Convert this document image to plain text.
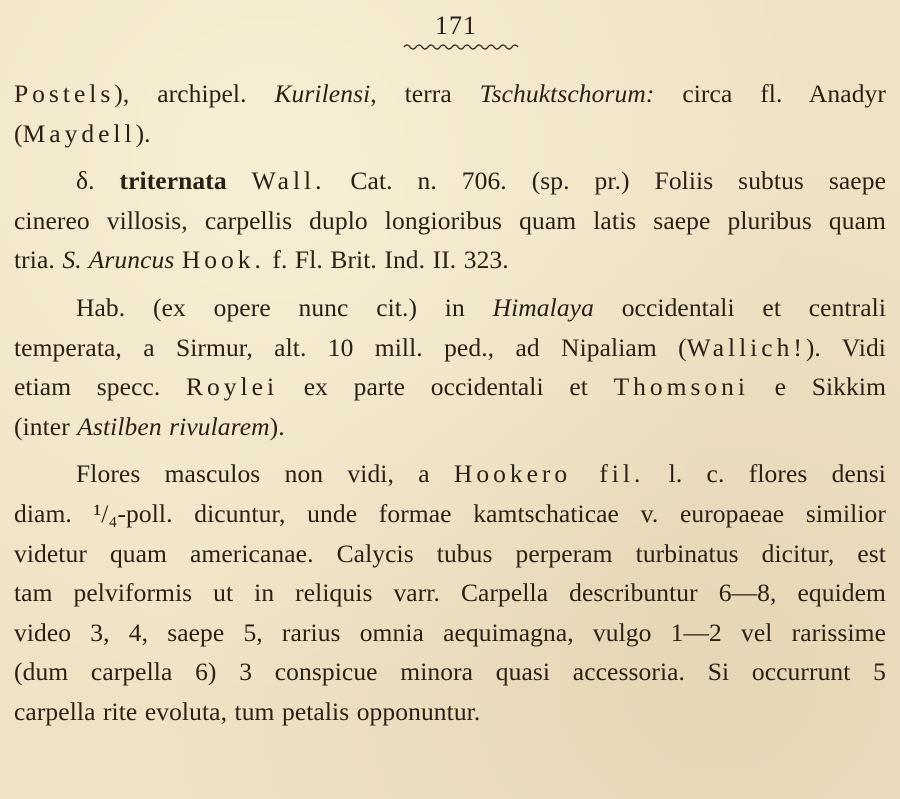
171
Postels), archipel. Kurilensi, terra Tschuktschorum: circa fl. Anadyr
(Maydell).
δ. triternata Wall. Cat. n. 706. (sp. pr.) Foliis subtus saepe
cinereo villosis, carpellis duplo longioribus quam latis saepe pluribus quam
tria. S. Aruncus Hook. f. Fl. Brit. Ind. II. 323.
Hab. (ex opere nunc cit.) in Himalaya occidentali et centrali
temperata, a Sirmur, alt. 10 mill. ped., ad Nipaliam (Wallich!). Vidi
etiam specc. Roylei ex parte occidentali et Thomsoni e Sikkim
(inter Astilben rivularem).
Flores masculos non vidi, a Hookero fil. l. c. flores densi
diam. ¹/₄-poll. dicuntur, unde formae kamtschaticae v. europaeae similior
videtur quam americanae. Calycis tubus perperam turbinatus dicitur, est
tam pelviformis ut in reliquis varr. Carpella describuntur 6—8, equidem
video 3, 4, saepe 5, rarius omnia aequimagna, vulgo 1—2 vel rarissime
(dum carpella 6) 3 conspicue minora quasi accessoria. Si occurrunt 5
carpella rite evoluta, tum petalis opponuntur.
